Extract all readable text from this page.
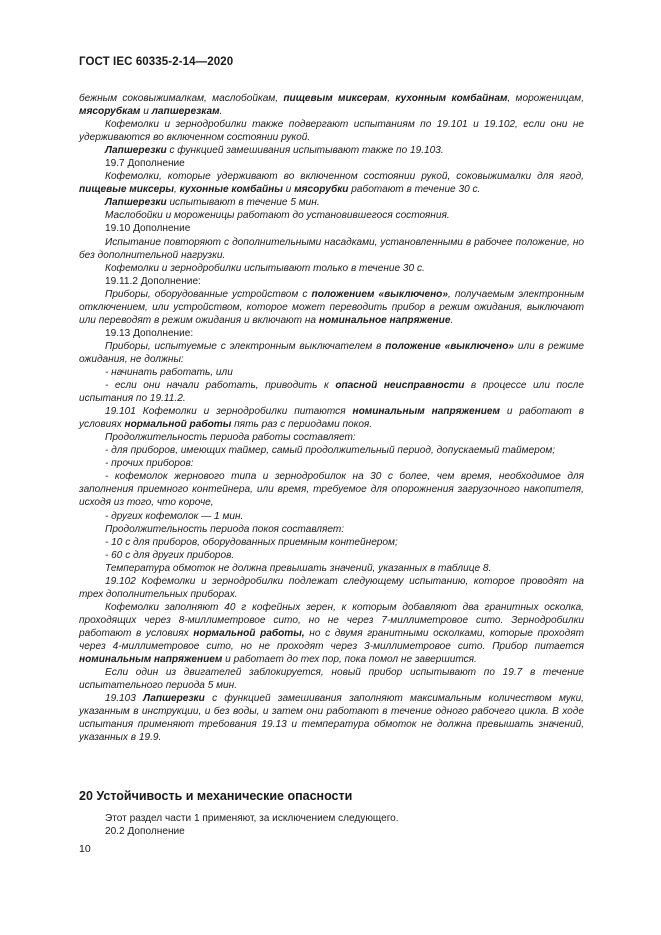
ГОСТ IEC 60335-2-14—2020

бежным соковыжималкам, маслобойкам, пищевым миксерам, кухонным комбайнам, мороженицам, мясорубкам и лапшерезкам.

Кофемолки и зернодробилки также подвергают испытаниям по 19.101 и 19.102, если они не удерживаются во включенном состоянии рукой.

Лапшерезки с функцией замешивания испытывают также по 19.103.

19.7 Дополнение

Кофемолки, которые удерживают во включенном состоянии рукой, соковыжималки для ягод, пищевые миксеры, кухонные комбайны и мясорубки работают в течение 30 с.

Лапшерезки испытывают в течение 5 мин.

Маслобойки и мороженицы работают до установившегося состояния.

19.10 Дополнение

Испытание повторяют с дополнительными насадками, установленными в рабочее положение, но без дополнительной нагрузки.

Кофемолки и зернодробилки испытывают только в течение 30 с.

19.11.2 Дополнение:

Приборы, оборудованные устройством с положением «выключено», получаемым электронным отключением, или устройством, которое может переводить прибор в режим ожидания, выключают или переводят в режим ожидания и включают на номинальное напряжение.

19.13 Дополнение:

Приборы, испытуемые с электронным выключателем в положение «выключено» или в режиме ожидания, не должны:

- начинать работать, или

- если они начали работать, приводить к опасной неисправности в процессе или после испытания по 19.11.2.

19.101 Кофемолки и зернодробилки питаются номинальным напряжением и работают в условиях нормальной работы пять раз с периодами покоя.

Продолжительность периода работы составляет:

- для приборов, имеющих таймер, самый продолжительный период, допускаемый таймером;

- прочих приборов:

- кофемолок жернового типа и зернодробилок на 30 с более, чем время, необходимое для заполнения приемного контейнера, или время, требуемое для опорожнения загрузочного накопителя, исходя из того, что короче,

- других кофемолок — 1 мин.

Продолжительность периода покоя составляет:

- 10 с для приборов, оборудованных приемным контейнером;

- 60 с для других приборов.

Температура обмоток не должна превышать значений, указанных в таблице 8.

19.102 Кофемолки и зернодробилки подлежат следующему испытанию, которое проводят на трех дополнительных приборах.

Кофемолки заполняют 40 г кофейных зерен, к которым добавляют два гранитных осколка, проходящих через 8-миллиметровое сито, но не через 7-миллиметровое сито. Зернодробилки работают в условиях нормальной работы, но с двумя гранитными осколками, которые проходят через 4-миллиметровое сито, но не проходят через 3-миллиметровое сито. Прибор питается номинальным напряжением и работает до тех пор, пока помол не завершится.

Если один из двигателей заблокируется, новый прибор испытывают по 19.7 в течение испытательного периода 5 мин.

19.103 Лапшерезки с функцией замешивания заполняют максимальным количеством муки, указанным в инструкции, и без воды, и затем они работают в течение одного рабочего цикла. В ходе испытания применяют требования 19.13 и температура обмоток не должна превышать значений, указанных в 19.9.

20 Устойчивость и механические опасности

Этот раздел части 1 применяют, за исключением следующего.

20.2 Дополнение

10
